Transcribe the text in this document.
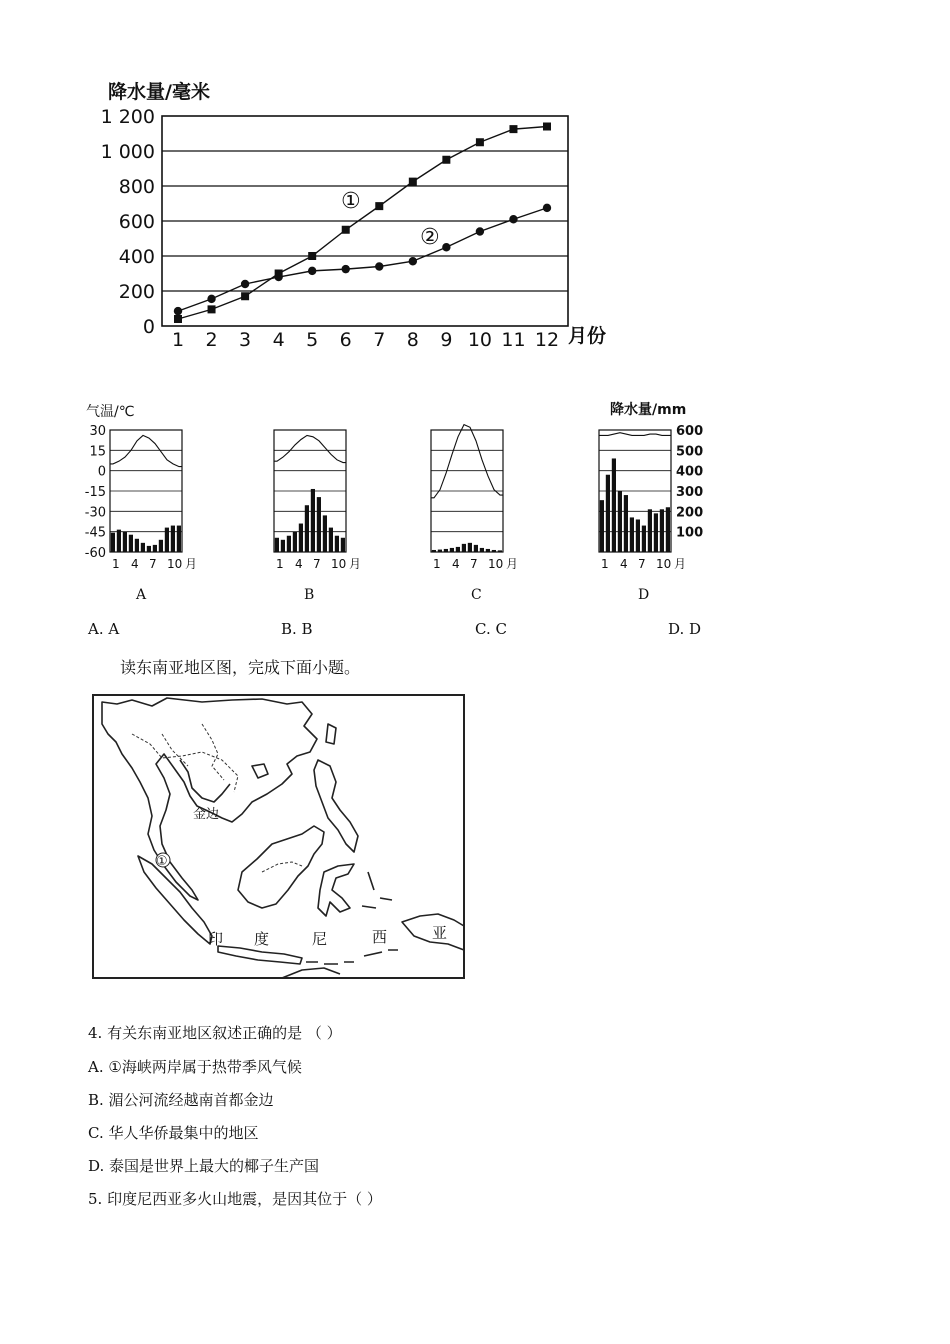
降水量/毫米
0
200
400
600
800
1 000
1 200
1 2 3 4 5 6 7 8 9 10 11 12 月份
①
②
气温/℃	降水量/mm
30
15
0
-15
-30
-45
-60
600
500
400
300
200
100
1 4 7 10 月	1 4 7 10 月	1 4 7 10 月	1 4 7 10 月
A	B	C	D
A. A	B. B	C. C	D. D
读东南亚地区图，完成下面小题。
金边
①
印 度	尼	西	亚
4. 有关东南亚地区叙述正确的是 （ ）
A. ①海峡两岸属于热带季风气候
B. 湄公河流经越南首都金边
C. 华人华侨最集中的地区
D. 泰国是世界上最大的椰子生产国
5. 印度尼西亚多火山地震，是因其位于（ ）
